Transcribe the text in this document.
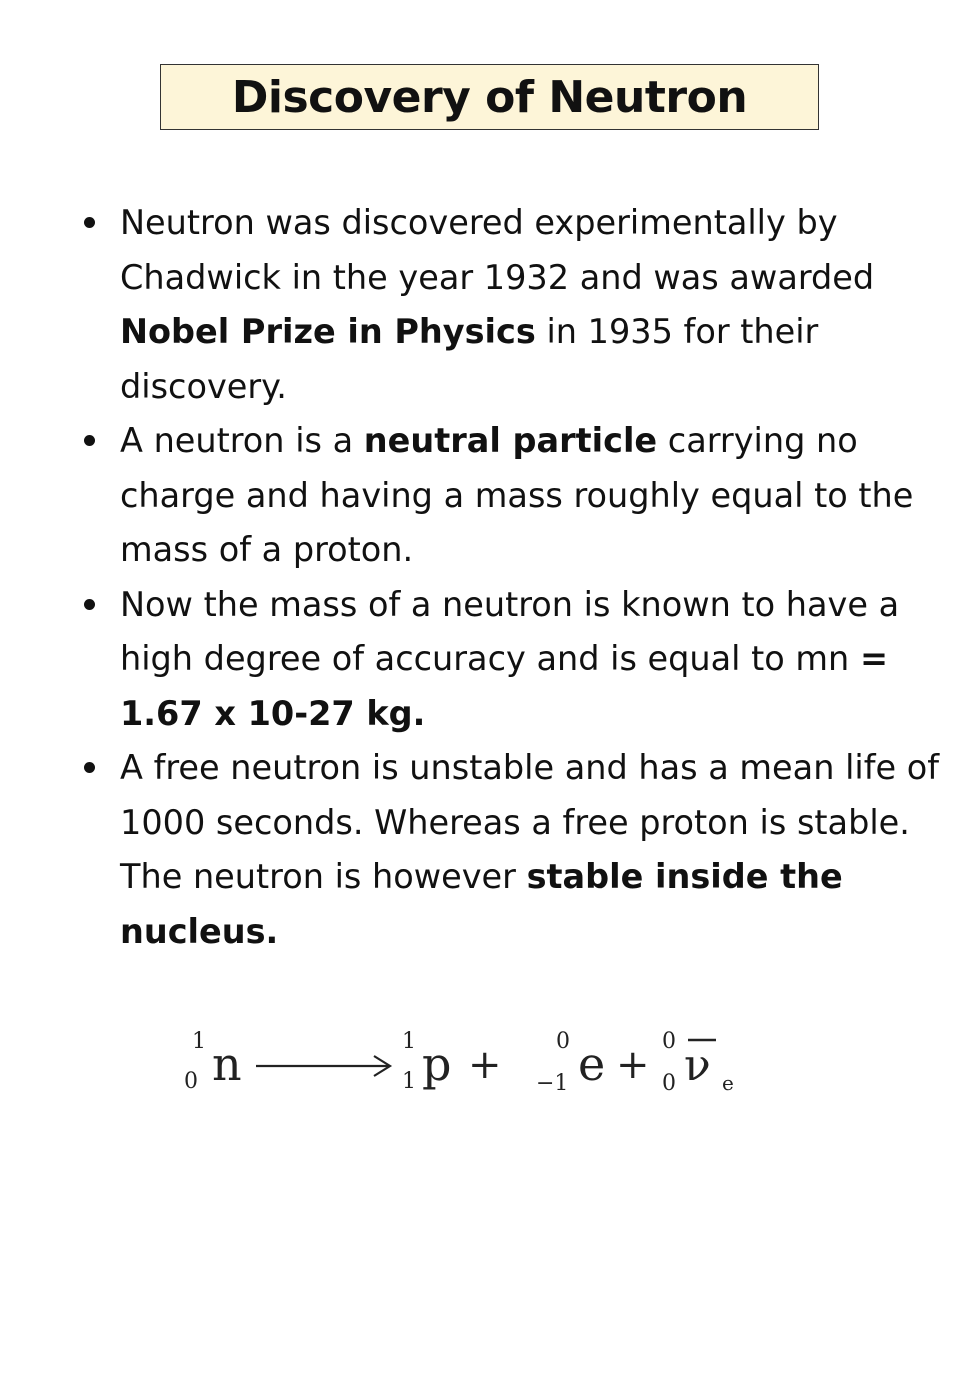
Discovery of Neutron
Neutron was discovered experimentally by Chadwick in the year 1932 and was awarded Nobel Prize in Physics in 1935 for their discovery.
A neutron is a neutral particle carrying no charge and having a mass roughly equal to the mass of a proton.
Now the mass of a neutron is known to have a high degree of accuracy and is equal to mn = 1.67 x 10-27 kg.
A free neutron is unstable and has a mean life of 1000 seconds. Whereas a free proton is stable. The neutron is however stable inside the nucleus.
1
0 n	1
1 p +
0
−1 e +
0
0 ν e
